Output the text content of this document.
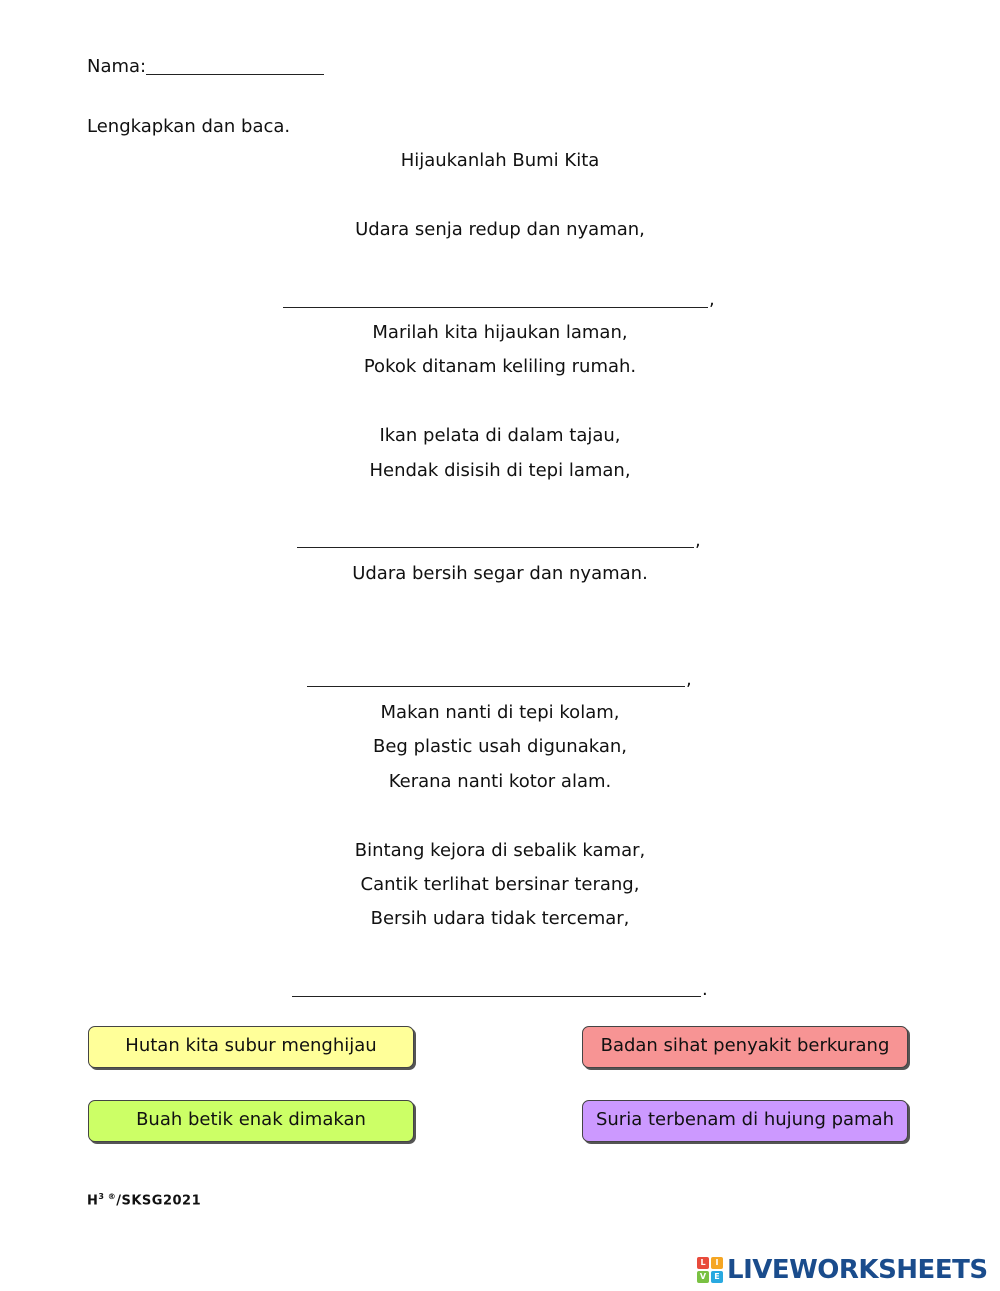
Nama:
Lengkapkan dan baca.
Hijaukanlah Bumi Kita
Udara senja redup dan nyaman,
,
Marilah kita hijaukan laman,
Pokok ditanam keliling rumah.
Ikan pelata di dalam tajau,
Hendak disisih di tepi laman,
,
Udara bersih segar dan nyaman.
,
Makan nanti di tepi kolam,
Beg plastic usah digunakan,
Kerana nanti kotor alam.
Bintang kejora di sebalik kamar,
Cantik terlihat bersinar terang,
Bersih udara tidak tercemar,
.
Hutan kita subur menghijau	Badan sihat penyakit berkurang
Buah betik enak dimakan	Suria terbenam di hujung pamah
$H^{3 ®}/SKSG2021$
L	I
V	E LIVEWORKSHEETS
